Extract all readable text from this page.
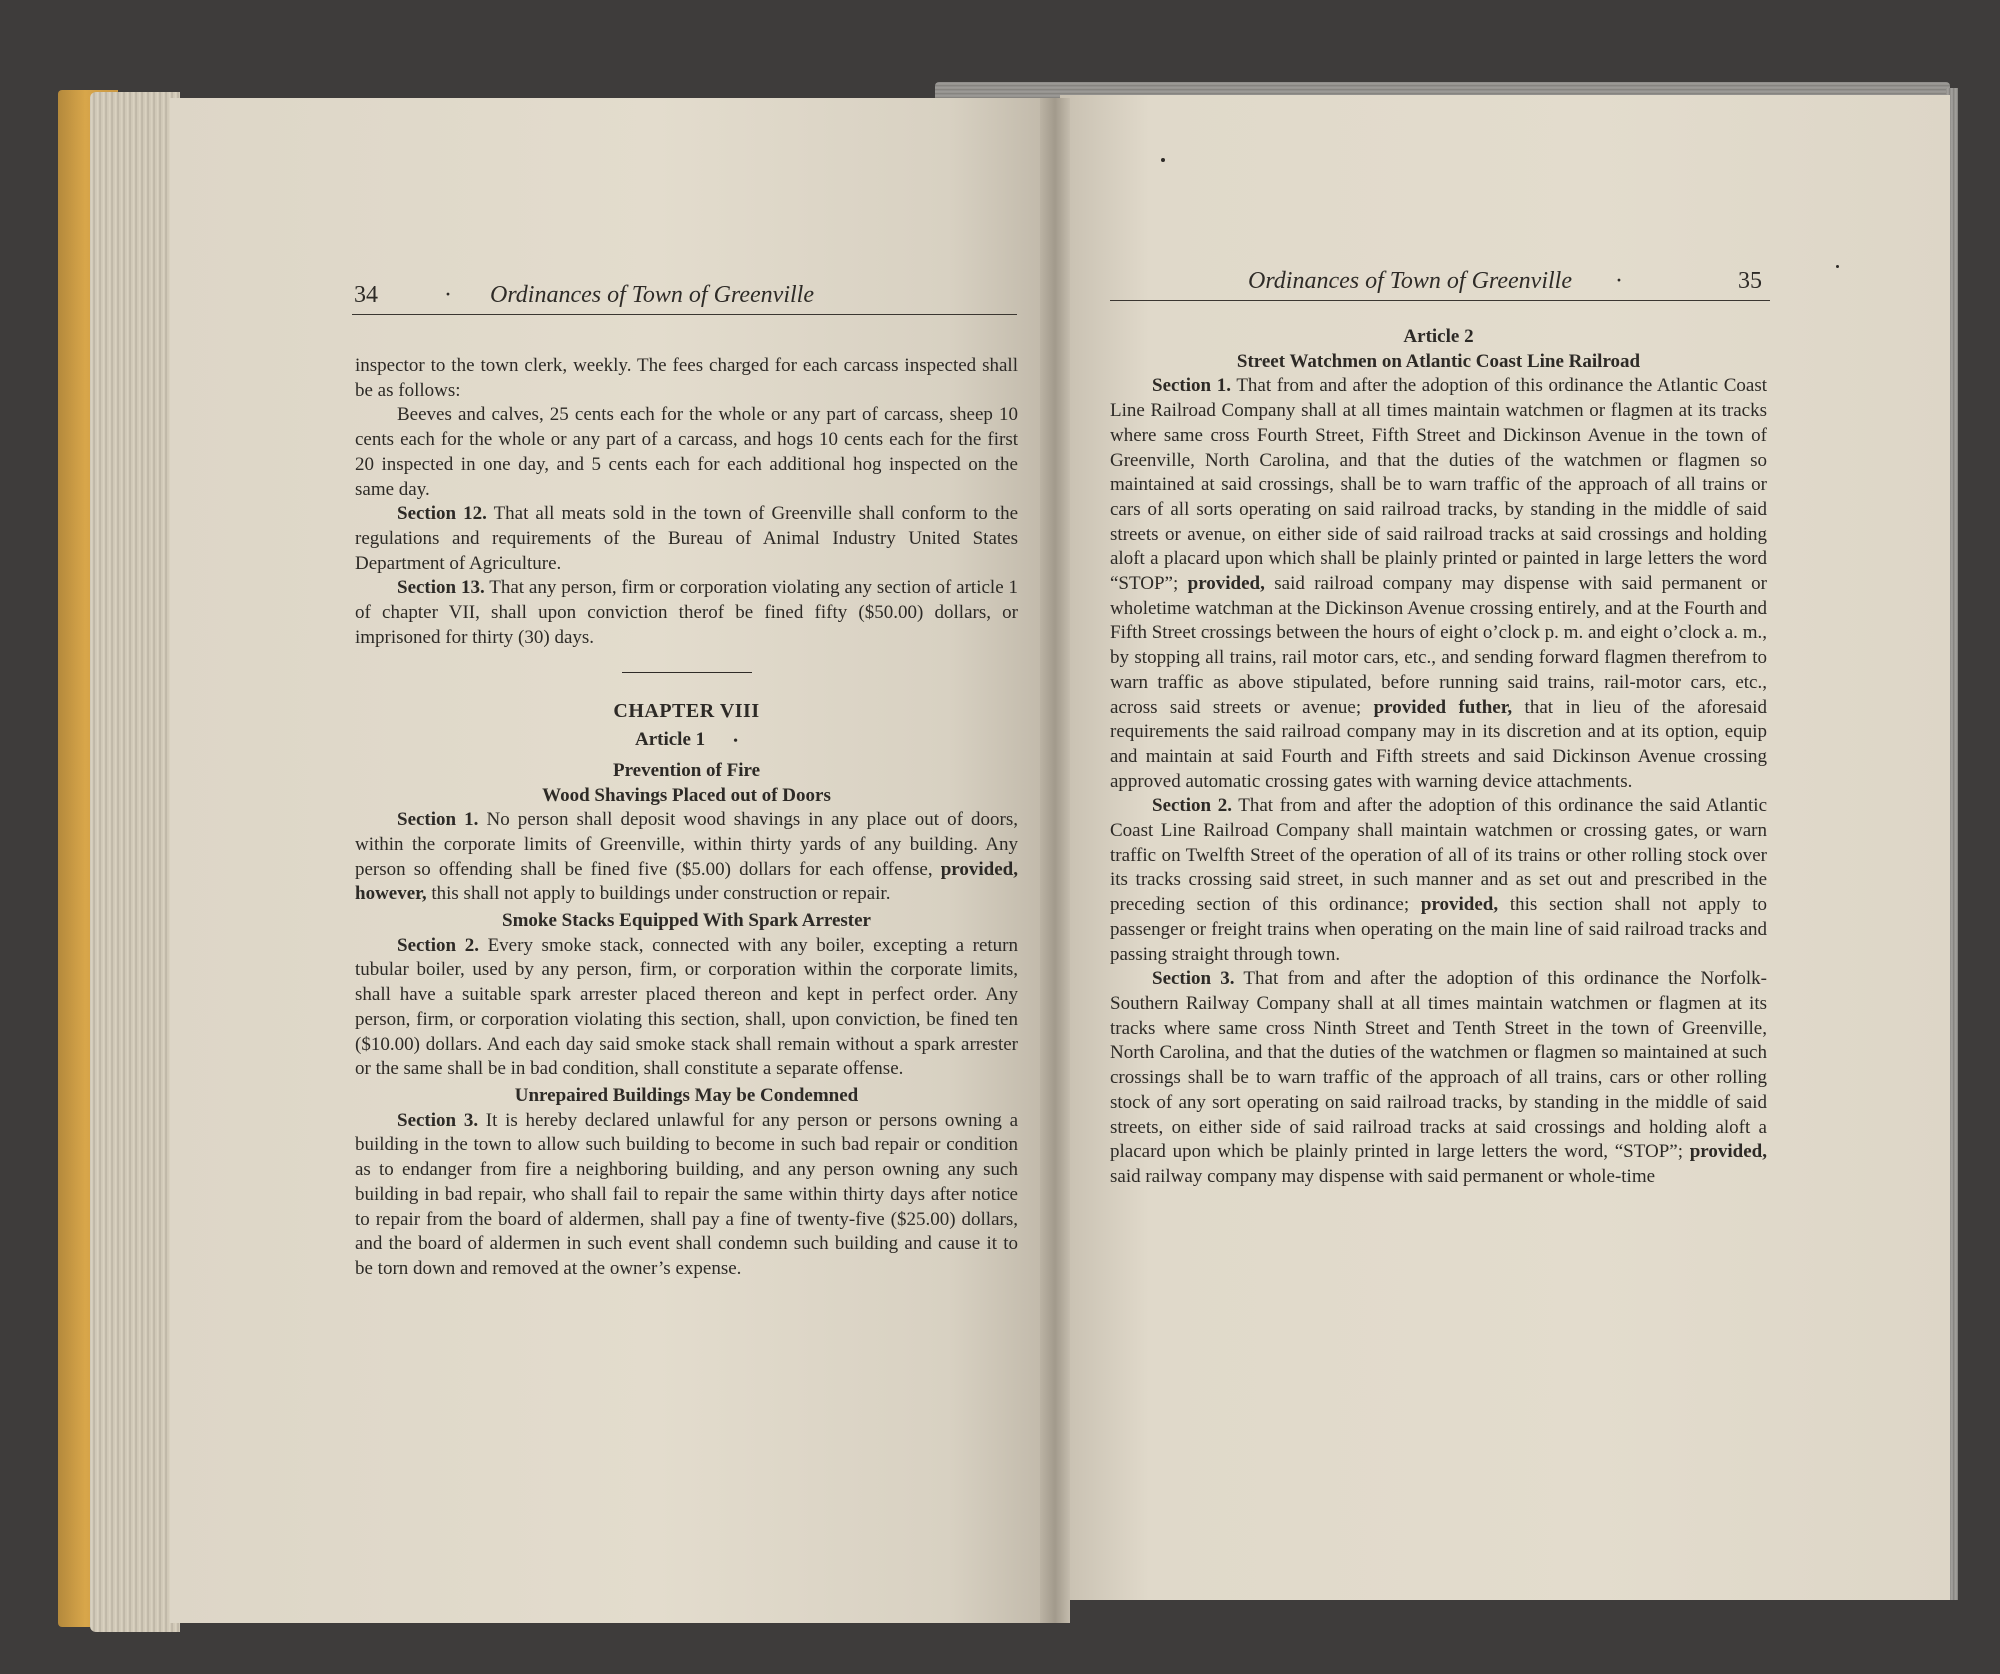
34	· Ordinances of Town of Greenville

inspector to the town clerk, weekly. The fees charged for each carcass inspected shall be as follows:

Beeves and calves, 25 cents each for the whole or any part of carcass, sheep 10 cents each for the whole or any part of a carcass, and hogs 10 cents each for the first 20 inspected in one day, and 5 cents each for each additional hog inspected on the same day.

Section 12. That all meats sold in the town of Greenville shall conform to the regulations and requirements of the Bureau of Animal Industry United States Department of Agriculture.

Section 13. That any person, firm or corporation violating any section of article 1 of chapter VII, shall upon conviction therof be fined fifty ($50.00) dollars, or imprisoned for thirty (30) days.

CHAPTER VIII

Article 1 •

Prevention of Fire

Wood Shavings Placed out of Doors

Section 1. No person shall deposit wood shavings in any place out of doors, within the corporate limits of Greenville, within thirty yards of any building. Any person so offending shall be fined five ($5.00) dollars for each offense, provided, however, this shall not apply to buildings under construction or repair.

Smoke Stacks Equipped With Spark Arrester

Section 2. Every smoke stack, connected with any boiler, excepting a return tubular boiler, used by any person, firm, or corporation within the corporate limits, shall have a suitable spark arrester placed thereon and kept in perfect order. Any person, firm, or corporation violating this section, shall, upon conviction, be fined ten ($10.00) dollars. And each day said smoke stack shall remain without a spark arrester or the same shall be in bad condition, shall constitute a separate offense.

Unrepaired Buildings May be Condemned

Section 3. It is hereby declared unlawful for any person or persons owning a building in the town to allow such building to become in such bad repair or condition as to endanger from fire a neighboring building, and any person owning any such building in bad repair, who shall fail to repair the same within thirty days after notice to repair from the board of aldermen, shall pay a fine of twenty-five ($25.00) dollars, and the board of aldermen in such event shall condemn such building and cause it to be torn down and removed at the owner’s expense.

Ordinances of Town of Greenville ·	35

Article 2

Street Watchmen on Atlantic Coast Line Railroad

Section 1. That from and after the adoption of this ordinance the Atlantic Coast Line Railroad Company shall at all times maintain watchmen or flagmen at its tracks where same cross Fourth Street, Fifth Street and Dickinson Avenue in the town of Greenville, North Carolina, and that the duties of the watchmen or flagmen so maintained at said crossings, shall be to warn traffic of the approach of all trains or cars of all sorts operating on said railroad tracks, by standing in the middle of said streets or avenue, on either side of said railroad tracks at said crossings and holding aloft a placard upon which shall be plainly printed or painted in large letters the word “STOP”; provided, said railroad company may dispense with said permanent or wholetime watchman at the Dickinson Avenue crossing entirely, and at the Fourth and Fifth Street crossings between the hours of eight o’clock p. m. and eight o’clock a. m., by stopping all trains, rail motor cars, etc., and sending forward flagmen therefrom to warn traffic as above stipulated, before running said trains, rail-motor cars, etc., across said streets or avenue; provided futher, that in lieu of the aforesaid requirements the said railroad company may in its discretion and at its option, equip and maintain at said Fourth and Fifth streets and said Dickinson Avenue crossing approved automatic crossing gates with warning device attachments.

Section 2. That from and after the adoption of this ordinance the said Atlantic Coast Line Railroad Company shall maintain watchmen or crossing gates, or warn traffic on Twelfth Street of the operation of all of its trains or other rolling stock over its tracks crossing said street, in such manner and as set out and prescribed in the preceding section of this ordinance; provided, this section shall not apply to passenger or freight trains when operating on the main line of said railroad tracks and passing straight through town.

Section 3. That from and after the adoption of this ordinance the Norfolk-Southern Railway Company shall at all times maintain watchmen or flagmen at its tracks where same cross Ninth Street and Tenth Street in the town of Greenville, North Carolina, and that the duties of the watchmen or flagmen so maintained at such crossings shall be to warn traffic of the approach of all trains, cars or other rolling stock of any sort operating on said railroad tracks, by standing in the middle of said streets, on either side of said railroad tracks at said crossings and holding aloft a placard upon which be plainly printed in large letters the word, “STOP”; provided, said railway company may dispense with said permanent or whole-time
